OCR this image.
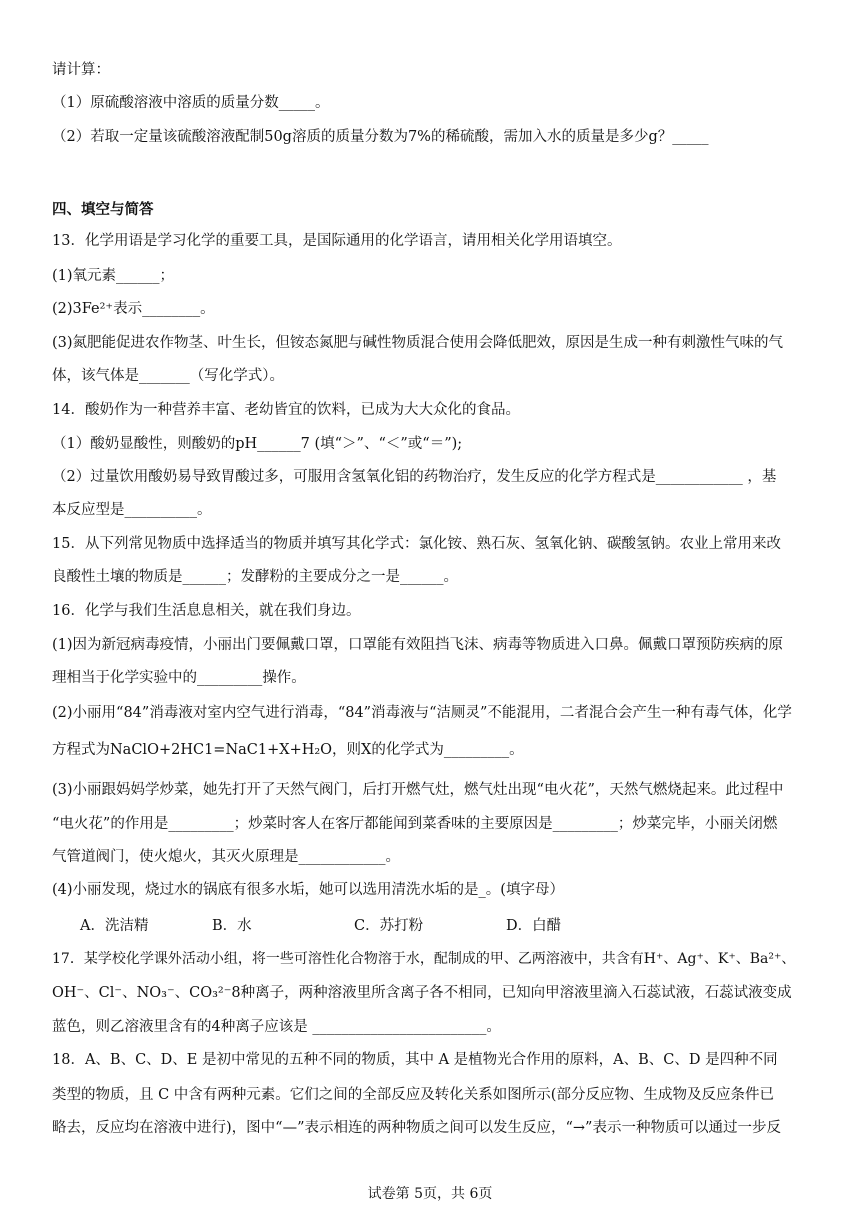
请计算：
（1）原硫酸溶液中溶质的质量分数_____。
（2）若取一定量该硫酸溶液配制50g溶质的质量分数为7%的稀硫酸，需加入水的质量是多少g？_____
四、填空与简答
13．化学用语是学习化学的重要工具，是国际通用的化学语言，请用相关化学用语填空。
(1)氧元素______；
(2)3Fe²⁺表示________。
(3)氮肥能促进农作物茎、叶生长，但铵态氮肥与碱性物质混合使用会降低肥效，原因是生成一种有刺激性气味的气
体，该气体是_______（写化学式）。
14．酸奶作为一种营养丰富、老幼皆宜的饮料，已成为大大众化的食品。
（1）酸奶显酸性，则酸奶的pH______7 (填“＞”、“＜”或“＝”);
（2）过量饮用酸奶易导致胃酸过多，可服用含氢氧化铝的药物治疗，发生反应的化学方程式是____________ ，基
本反应型是__________。
15．从下列常见物质中选择适当的物质并填写其化学式：氯化铵、熟石灰、氢氧化钠、碳酸氢钠。农业上常用来改
良酸性土壤的物质是______；发酵粉的主要成分之一是______。
16．化学与我们生活息息相关，就在我们身边。
(1)因为新冠病毒疫情，小丽出门要佩戴口罩，口罩能有效阻挡飞沫、病毒等物质进入口鼻。佩戴口罩预防疾病的原
理相当于化学实验中的_________操作。
(2)小丽用“84”消毒液对室内空气进行消毒，“84”消毒液与“洁厕灵”不能混用，二者混合会产生一种有毒气体，化学
方程式为NaClO+2HC1=NaC1+X+H₂O，则X的化学式为_________。
(3)小丽跟妈妈学炒菜，她先打开了天然气阀门，后打开燃气灶，燃气灶出现“电火花”，天然气燃烧起来。此过程中
“电火花”的作用是_________；炒菜时客人在客厅都能闻到菜香味的主要原因是_________；炒菜完毕，小丽关闭燃
气管道阀门，使火熄火，其灭火原理是____________。
(4)小丽发现，烧过水的锅底有很多水垢，她可以选用清洗水垢的是_。(填字母）
A．洗洁精	B．水	C．苏打粉	D．白醋
17．某学校化学课外活动小组，将一些可溶性化合物溶于水，配制成的甲、乙两溶液中，共含有H⁺、Ag⁺、K⁺、Ba²⁺、
OH⁻、Cl⁻、NO₃⁻、CO₃²⁻8种离子，两种溶液里所含离子各不相同，已知向甲溶液里滴入石蕊试液，石蕊试液变成
蓝色，则乙溶液里含有的4种离子应该是 ________________________。
18．A、B、C、D、E 是初中常见的五种不同的物质，其中 A 是植物光合作用的原料，A、B、C、D 是四种不同
类型的物质，且 C 中含有两种元素。它们之间的全部反应及转化关系如图所示(部分反应物、生成物及反应条件已
略去，反应均在溶液中进行)，图中“—”表示相连的两种物质之间可以发生反应，“→”表示一种物质可以通过一步反
试卷第 5页，共 6页
